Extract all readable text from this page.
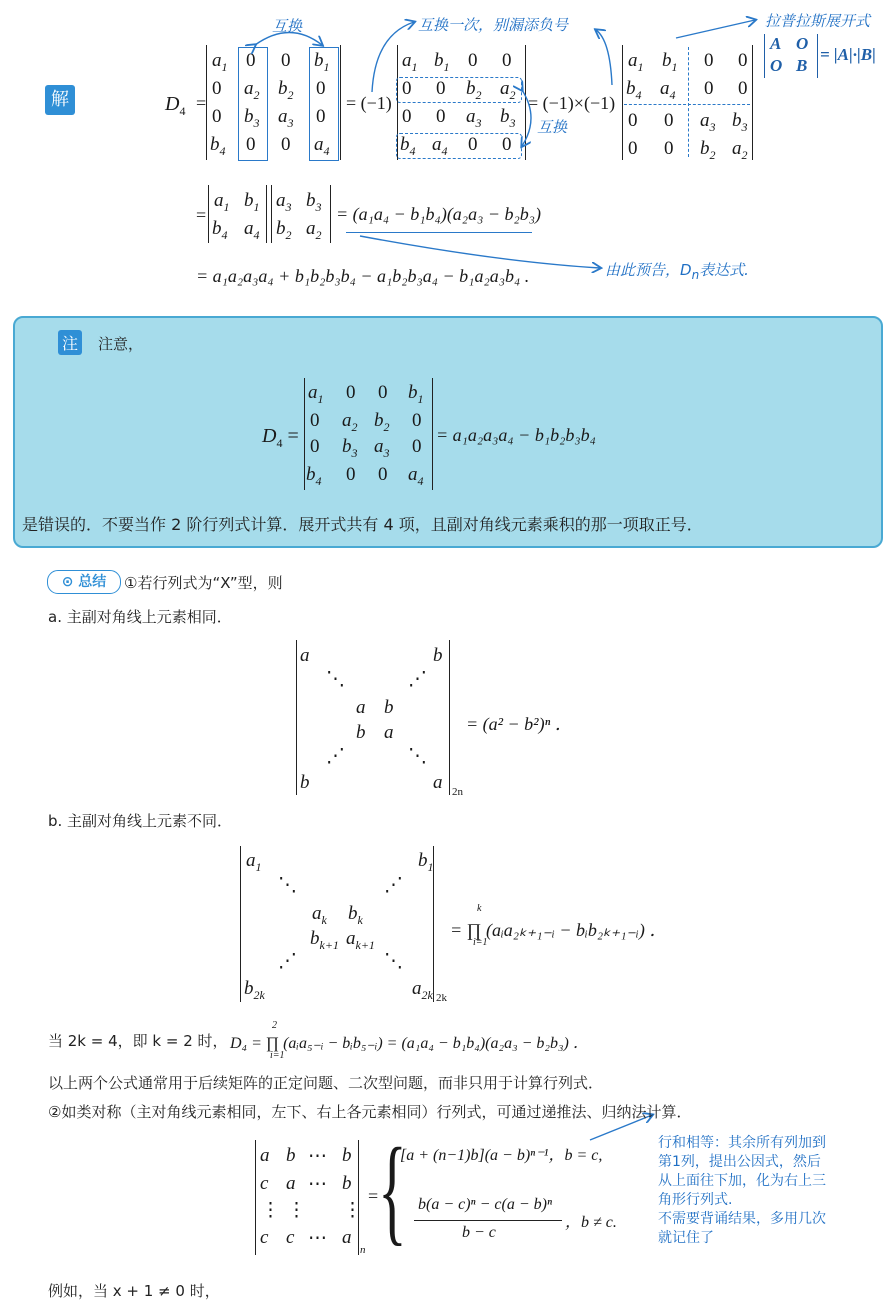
解	$D_4$ =
$a_1$ 0 0 $b_1$
0 $a_2$ $b_2$ 0
0 $b_3$ $a_3$ 0
$b_4$ 0 0 $a_4$
= (−1)
$a_1$ $b_1$ 0 0
0 0 $b_2$ $a_2$
0 0 $a_3$ $b_3$
$b_4$ $a_4$ 0 0
= (−1)×(−1)
$a_1$ $b_1$ 0 0
$b_4$ $a_4$ 0 0
0 0 $a_3$ $b_3$
0 0 $b_2$ $a_2$
A O
O B
= |A|·|B|
互换	互换一次，别漏添负号	拉普拉斯展开式
互换
=
$a_1$ $b_1$
$b_4$ $a_4$
$a_3$ $b_3$
$b_2$ $a_2$
= (a₁a₄ − b₁b₄)(a₂a₃ − b₂b₃)
= a₁a₂a₃a₄ + b₁b₂b₃b₄ − a₁b₂b₃a₄ − b₁a₂a₃b₄ .	由此预告，$D_n$表达式.
注 注意，
$D_4$ =
$a_1$ 0 0 $b_1$
0 $a_2$ $b_2$ 0
0 $b_3$ $a_3$ 0
$b_4$ 0 0 $a_4$
= a₁a₂a₃a₄ − b₁b₂b₃b₄
是错误的．不要当作 2 阶行列式计算．展开式共有 4 项，且副对角线元素乘积的那一项取正号．
⊙ 总结	①若行列式为“X”型，则
a. 主副对角线上元素相同．
a	b
⋱	⋰
a b
b a
⋰	⋱
b	a 2n
= (a² − b²)ⁿ ．
b. 主副对角线上元素不同．
$a_1$	$b_1$
⋱	⋰
$a_k$ $b_k$
$b_{k+1}$ $a_{k+1}$
⋰	⋱
$b_{2k}$	$a_{2k}$ 2k
= ∏ (aᵢa₂ₖ₊₁₋ᵢ − bᵢb₂ₖ₊₁₋ᵢ) ．
k
i=1
当 2k = 4，即 k = 2 时， D₄ = ∏ (aᵢa₅₋ᵢ − bᵢb₅₋ᵢ) = (a₁a₄ − b₁b₄)(a₂a₃ − b₂b₃) ．
2
i=1
以上两个公式通常用于后续矩阵的正定问题、二次型问题，而非只用于计算行列式．
②如类对称（主对角线元素相同，左下、右上各元素相同）行列式，可通过递推法、归纳法计算．
a b ⋯ b
c a ⋯ b
⋮ ⋮ ⋮
c c ⋯ a
n
= {
[a + (n−1)b](a − b)ⁿ⁻¹，b = c,
b(a − c)ⁿ − c(a − b)ⁿ
b − c
，b ≠ c.
行和相等：其余所有列加到
第1列，提出公因式，然后
从上面往下加，化为右上三
角形行列式.
不需要背诵结果，多用几次
就记住了
例如，当 x + 1 ≠ 0 时，
